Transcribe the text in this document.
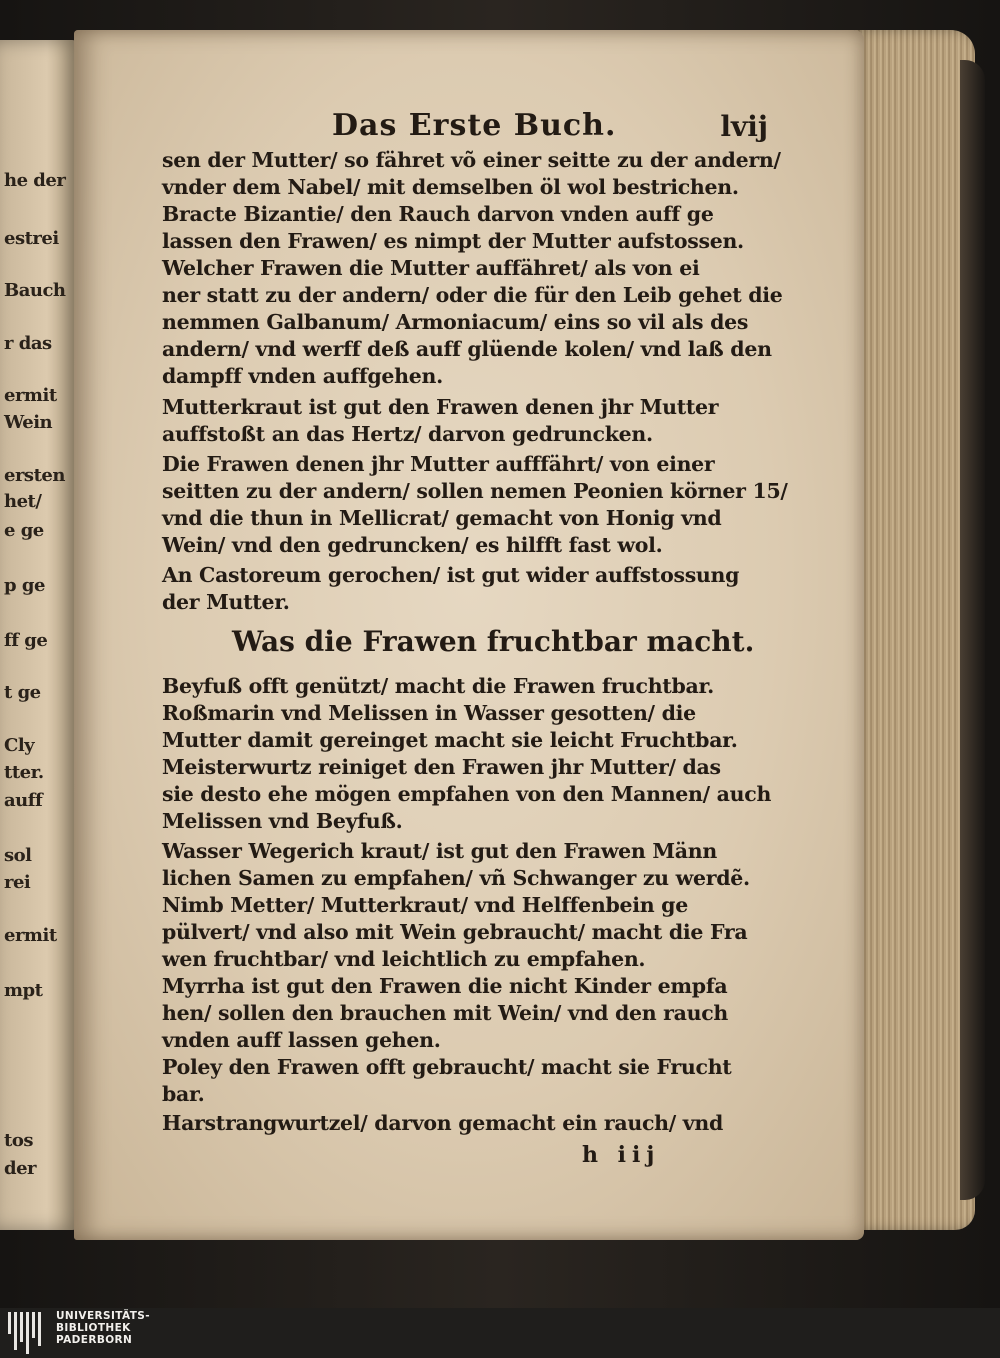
he der
estrei
Bauch
r das
ermit
Wein
ersten
het/
e ge
p ge
ff ge
t ge
Cly
tter.
auff
sol
rei
ermit
mpt
tos
der
Das Erste Buch.	lvij
sen der Mutter/ so fähret võ einer seitte zu der andern/
vnder dem Nabel/ mit demselben öl wol bestrichen.
Bracte Bizantie/ den Rauch darvon vnden auff ge
lassen den Frawen/ es nimpt der Mutter aufstossen.
Welcher Frawen die Mutter auffähret/ als von ei
ner statt zu der andern/ oder die für den Leib gehet die
nemmen Galbanum/ Armoniacum/ eins so vil als des
andern/ vnd werff deß auff glüende kolen/ vnd laß den
dampff vnden auffgehen.
Mutterkraut ist gut den Frawen denen jhr Mutter
auffstoßt an das Hertz/ darvon gedruncken.
Die Frawen denen jhr Mutter aufffährt/ von einer
seitten zu der andern/ sollen nemen Peonien körner 15/
vnd die thun in Mellicrat/ gemacht von Honig vnd
Wein/ vnd den gedruncken/ es hilfft fast wol.
An Castoreum gerochen/ ist gut wider auffstossung
der Mutter.
Was die Frawen fruchtbar macht.
Beyfuß offt genützt/ macht die Frawen fruchtbar.
Roßmarin vnd Melissen in Wasser gesotten/ die
Mutter damit gereinget macht sie leicht Fruchtbar.
Meisterwurtz reiniget den Frawen jhr Mutter/ das
sie desto ehe mögen empfahen von den Mannen/ auch
Melissen vnd Beyfuß.
Wasser Wegerich kraut/ ist gut den Frawen Männ
lichen Samen zu empfahen/ vñ Schwanger zu werdẽ.
Nimb Metter/ Mutterkraut/ vnd Helffenbein ge
pülvert/ vnd also mit Wein gebraucht/ macht die Fra
wen fruchtbar/ vnd leichtlich zu empfahen.
Myrrha ist gut den Frawen die nicht Kinder empfa
hen/ sollen den brauchen mit Wein/ vnd den rauch
vnden auff lassen gehen.
Poley den Frawen offt gebraucht/ macht sie Frucht
bar.
Harstrangwurtzel/ darvon gemacht ein rauch/ vnd
h iij
UNIVERSITÄTS-
BIBLIOTHEK
PADERBORN
